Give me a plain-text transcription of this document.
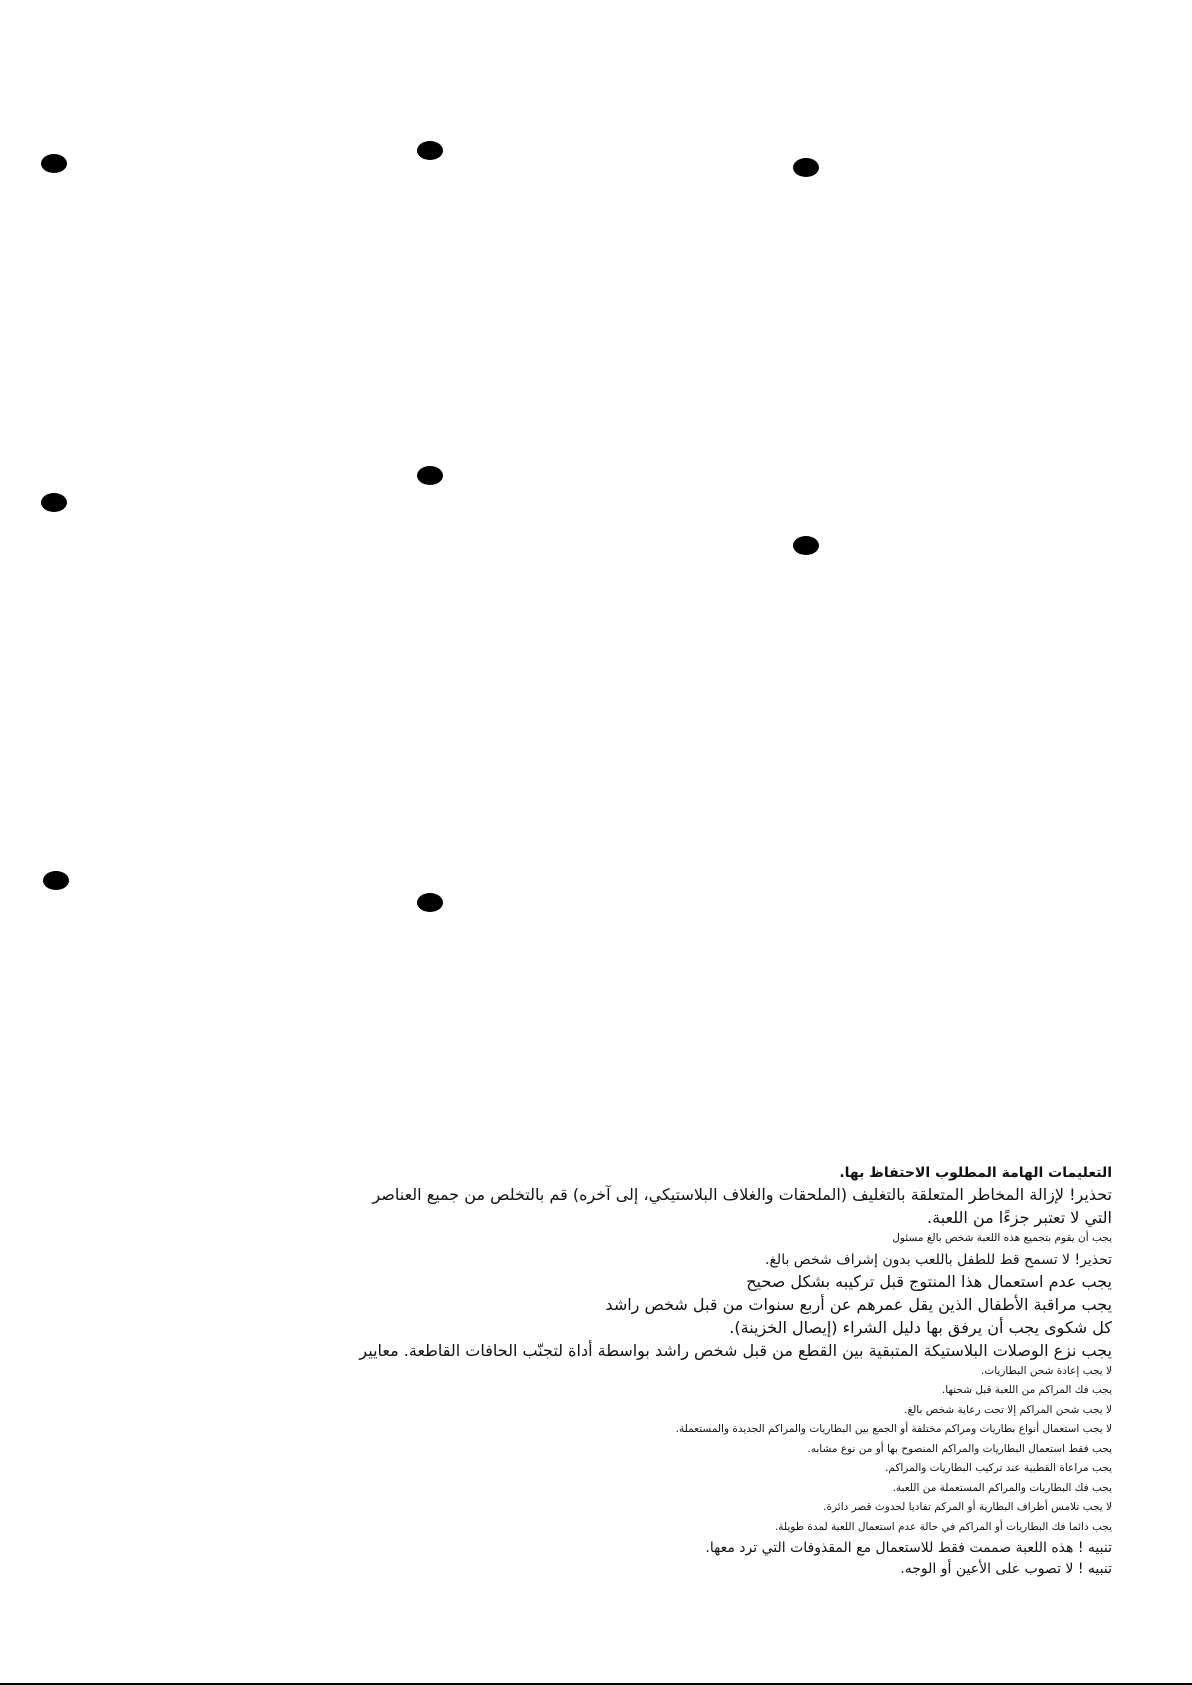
التعليمات الهامة المطلوب الاحتفاظ بها.
تحذير! لإزالة المخاطر المتعلقة بالتغليف (الملحقات والغلاف البلاستيكي، إلى آخره) قم بالتخلص من جميع العناصر
التي لا تعتبر جزءًا من اللعبة.
يجب أن يقوم بتجميع هذه اللعبة شخص بالغ مسئول
تحذير! لا تسمح قط للطفل باللعب بدون إشراف شخص بالغ.
يجب عدم استعمال هذا المنتوج قبل تركيبه بشكل صحيح
يجب مراقبة الأطفال الذين يقل عمرهم عن أربع سنوات من قبل شخص راشد
كل شكوى يجب أن يرفق بها دليل الشراء (إيصال الخزينة).
يجب نزع الوصلات البلاستيكة المتبقية بين القطع من قبل شخص راشد بواسطة أداة لتجنّب الحافات القاطعة. معايير
لا يجب إعادة شحن البطاريات.
يجب فك المراكم من اللعبة قبل شحنها.
لا يجب شحن المراكم إلا تحت رعاية شخص بالغ.
لا يجب استعمال أنواع بطاريات ومراكم مختلفة أو الجمع بين البطاريات والمراكم الجديدة والمستعملة.
يجب فقط استعمال البطاريات والمراكم المنصوح بها أو من نوع مشابه.
يجب مراعاة القطبية عند تركيب البطاريات والمراكم.
يجب فك البطاريات والمراكم المستعملة من اللعبة.
لا يجب تلامس أطراف البطارية أو المركم تفاديا لحدوث قصر دائرة.
يجب دائما فك البطاريات أو المراكم في حالة عدم استعمال اللعبة لمدة طويلة.
تنبيه ! هذه اللعبة صممت فقط للاستعمال مع المقذوفات التي ترد معها.
تنبيه ! لا تصوب على الأعين أو الوجه.
